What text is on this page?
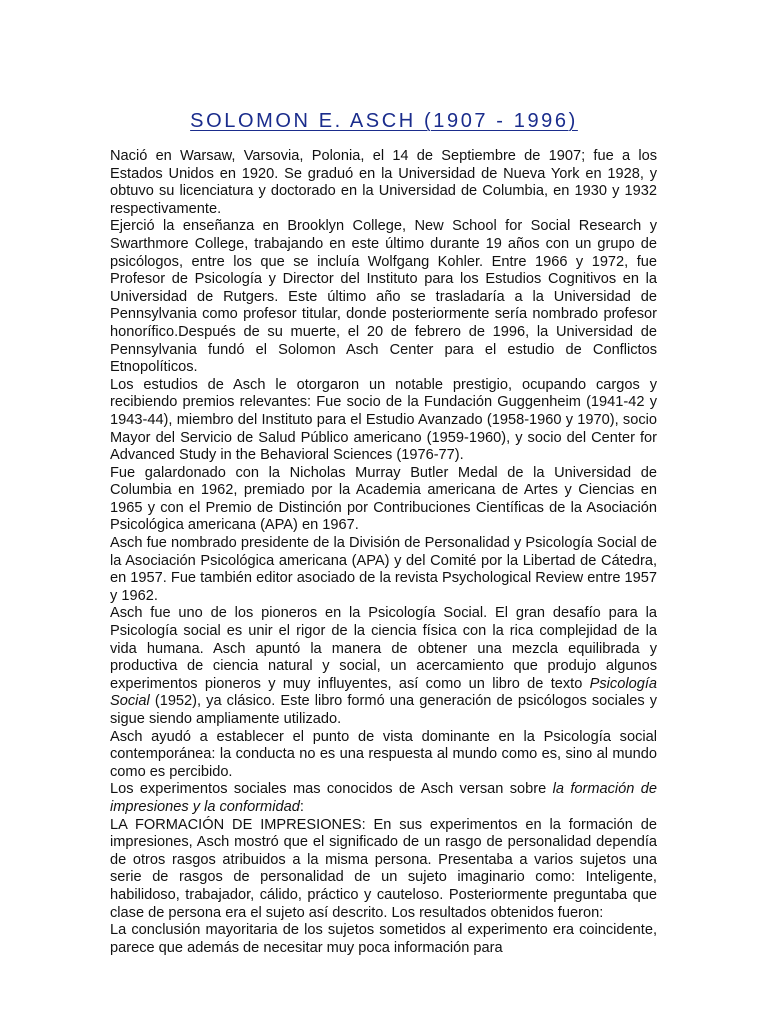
SOLOMON E. ASCH (1907 - 1996)

Nació en Warsaw, Varsovia, Polonia, el 14 de Septiembre de 1907; fue a los Estados Unidos en 1920. Se graduó en la Universidad de Nueva York en 1928, y obtuvo su licenciatura y doctorado en la Universidad de Columbia, en 1930 y 1932 respectivamente.

Ejerció la enseñanza en Brooklyn College, New School for Social Research y Swarthmore College, trabajando en este último durante 19 años con un grupo de psicólogos, entre los que se incluía Wolfgang Kohler. Entre 1966 y 1972, fue Profesor de Psicología y Director del Instituto para los Estudios Cognitivos en la Universidad de Rutgers. Este último año se trasladaría a la Universidad de Pennsylvania como profesor titular, donde posteriormente sería nombrado profesor honorífico.Después de su muerte, el 20 de febrero de 1996, la Universidad de Pennsylvania fundó el Solomon Asch Center para el estudio de Conflictos Etnopolíticos.

Los estudios de Asch le otorgaron un notable prestigio, ocupando cargos y recibiendo premios relevantes: Fue socio de la Fundación Guggenheim (1941-42 y 1943-44), miembro del Instituto para el Estudio Avanzado (1958-1960 y 1970), socio Mayor del Servicio de Salud Público americano (1959-1960), y socio del Center for Advanced Study in the Behavioral Sciences (1976-77).

Fue galardonado con la Nicholas Murray Butler Medal de la Universidad de Columbia en 1962, premiado por la Academia americana de Artes y Ciencias en 1965 y con el Premio de Distinción por Contribuciones Científicas de la Asociación Psicológica americana (APA) en 1967.

Asch fue nombrado presidente de la División de Personalidad y Psicología Social de la Asociación Psicológica americana (APA) y del Comité por la Libertad de Cátedra, en 1957. Fue también editor asociado de la revista Psychological Review entre 1957 y 1962.

Asch fue uno de los pioneros en la Psicología Social. El gran desafío para la Psicología social es unir el rigor de la ciencia física con la rica complejidad de la vida humana. Asch apuntó la manera de obtener una mezcla equilibrada y productiva de ciencia natural y social, un acercamiento que produjo algunos experimentos pioneros y muy influyentes, así como un libro de texto Psicología Social (1952), ya clásico. Este libro formó una generación de psicólogos sociales y sigue siendo ampliamente utilizado.

Asch ayudó a establecer el punto de vista dominante en la Psicología social contemporánea: la conducta no es una respuesta al mundo como es, sino al mundo como es percibido.

Los experimentos sociales mas conocidos de Asch versan sobre la formación de impresiones y la conformidad:

LA FORMACIÓN DE IMPRESIONES: En sus experimentos en la formación de impresiones, Asch mostró que el significado de un rasgo de personalidad dependía de otros rasgos atribuidos a la misma persona. Presentaba a varios sujetos una serie de rasgos de personalidad de un sujeto imaginario como: Inteligente, habilidoso, trabajador, cálido, práctico y cauteloso. Posteriormente preguntaba que clase de persona era el sujeto así descrito. Los resultados obtenidos fueron:

La conclusión mayoritaria de los sujetos sometidos al experimento era coincidente, parece que además de necesitar muy poca información para
